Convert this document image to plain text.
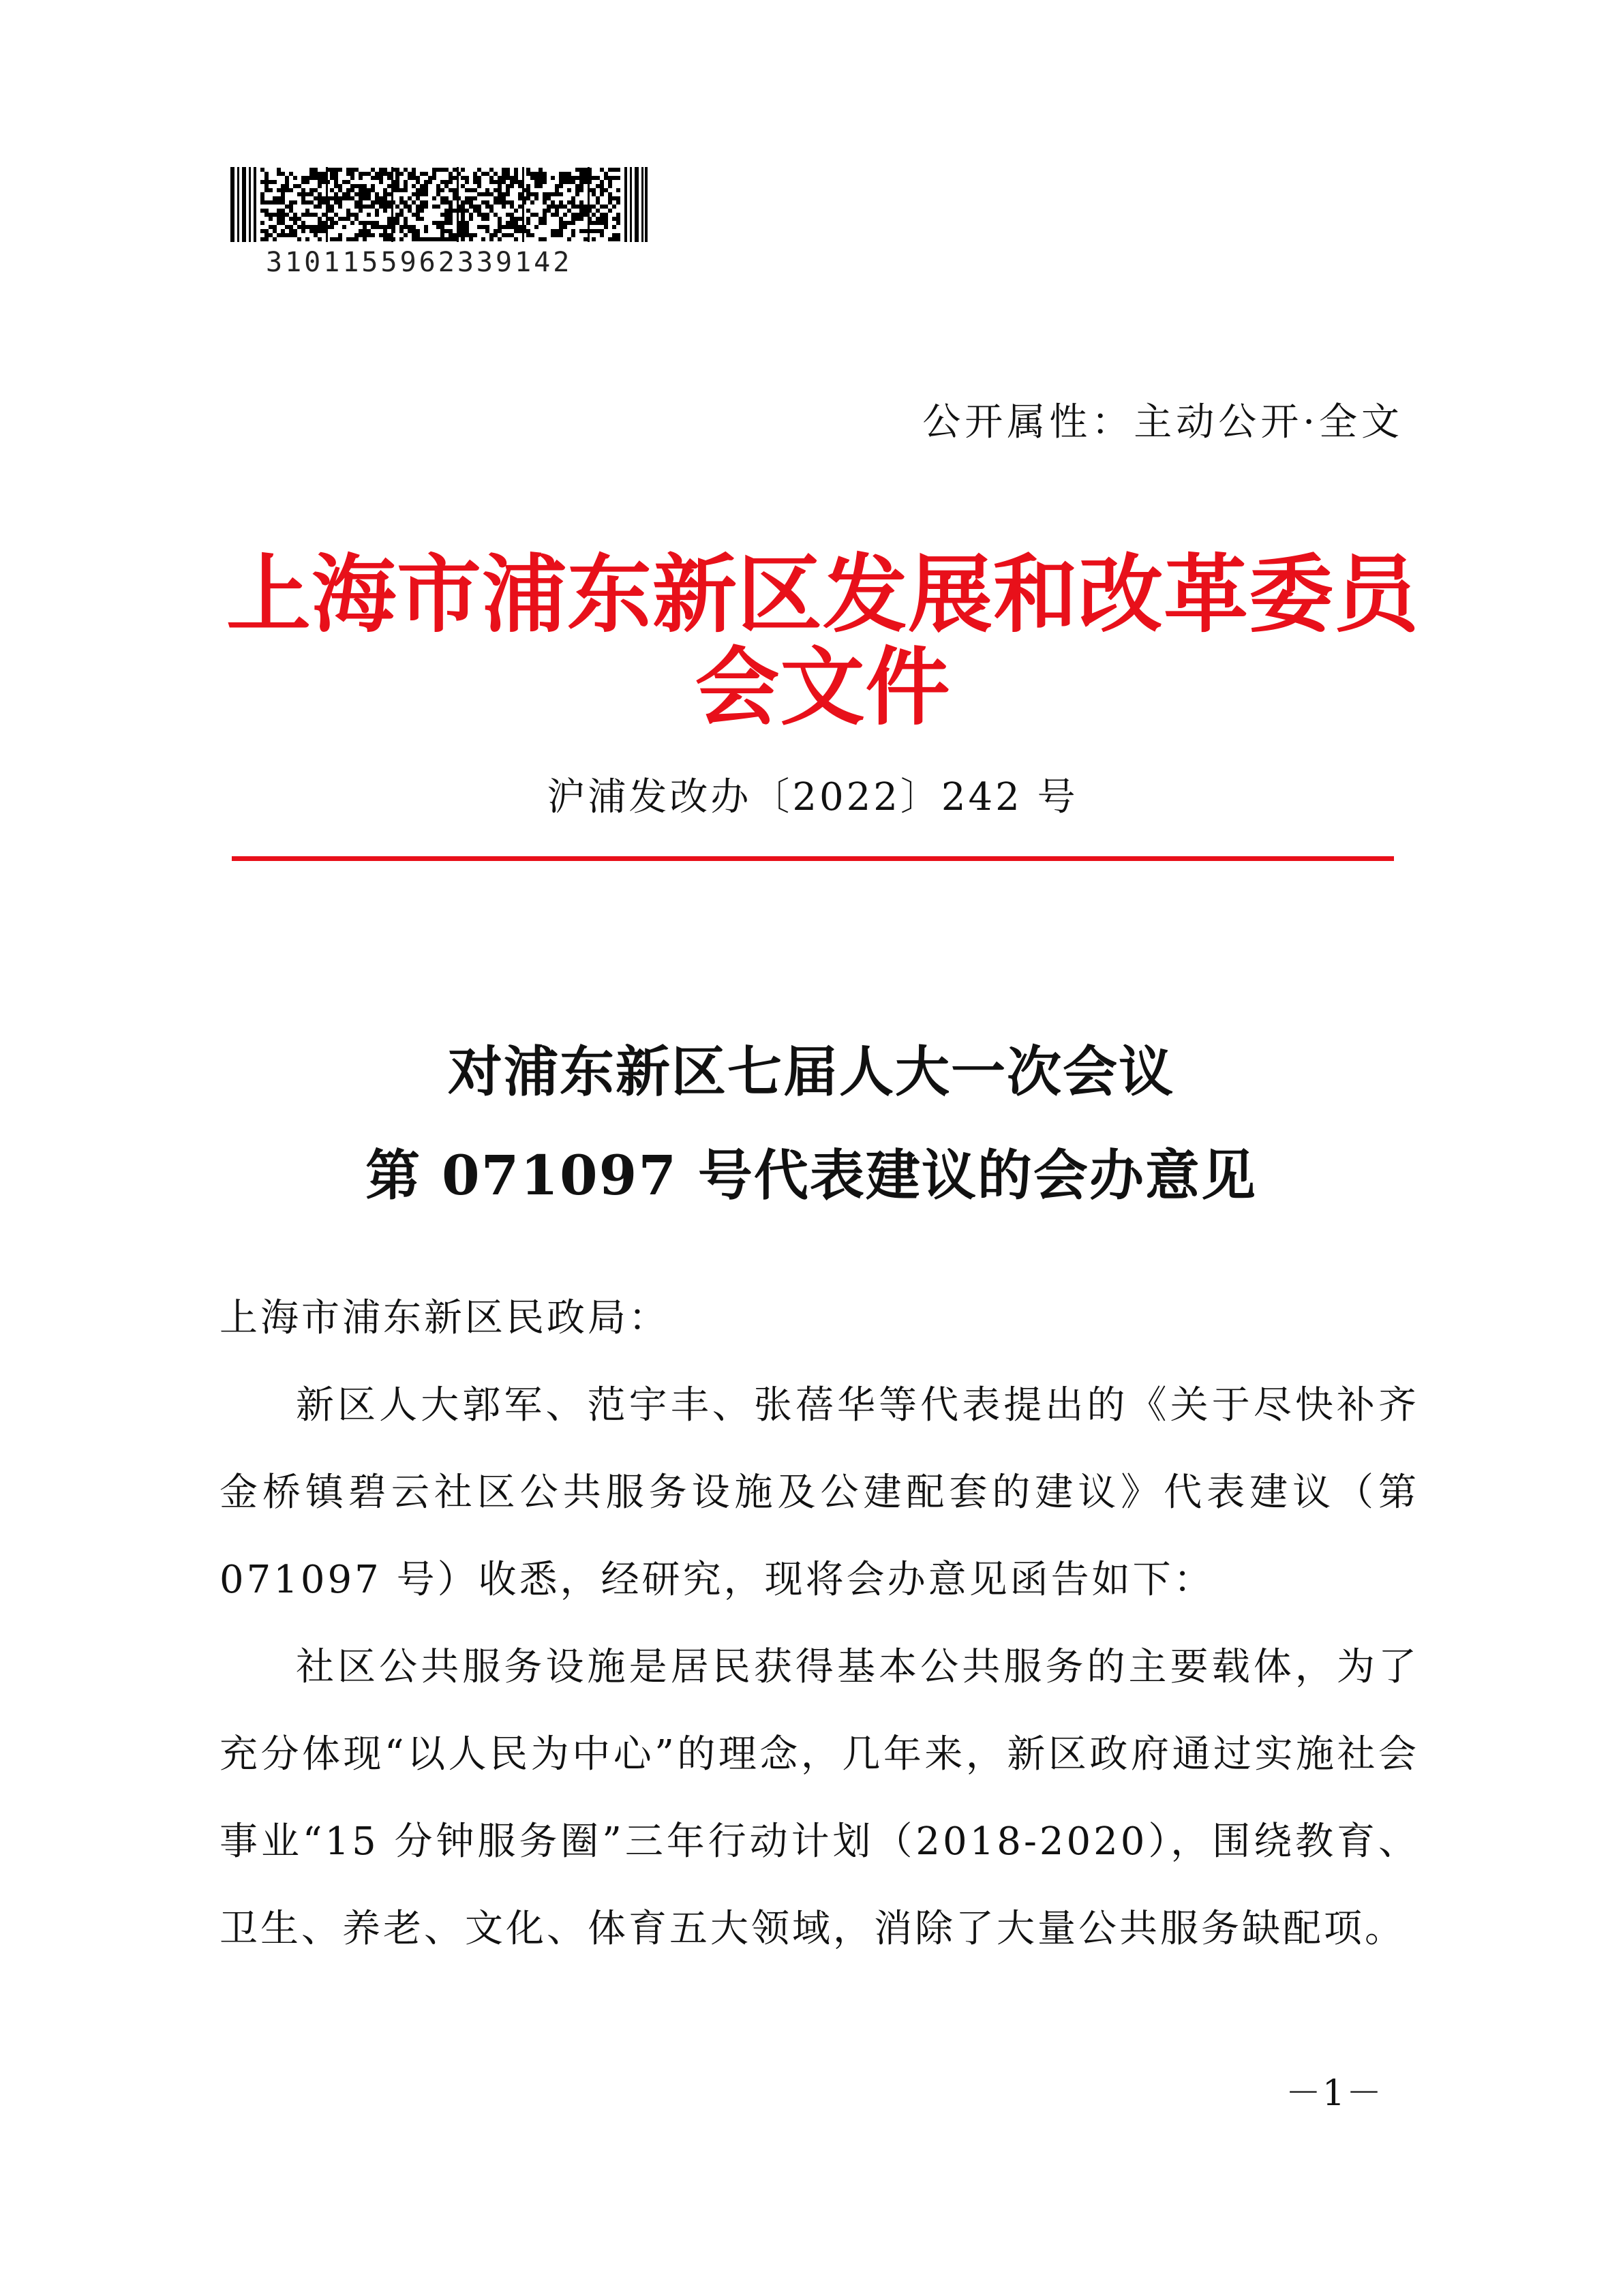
3101155962339142
公开属性：主动公开·全文
上海市浦东新区发展和改革委员会文件
沪浦发改办〔2022〕242 号
对浦东新区七届人大一次会议
第 071097 号代表建议的会办意见

上海市浦东新区民政局：

新区人大郭军、范宇丰、张蓓华等代表提出的《关于尽快补齐金桥镇碧云社区公共服务设施及公建配套的建议》代表建议（第 071097 号）收悉，经研究，现将会办意见函告如下：

社区公共服务设施是居民获得基本公共服务的主要载体，为了充分体现“以人民为中心”的理念，几年来，新区政府通过实施社会事业“15 分钟服务圈”三年行动计划（2018-2020），围绕教育、卫生、养老、文化、体育五大领域，消除了大量公共服务缺配项。

－1－
